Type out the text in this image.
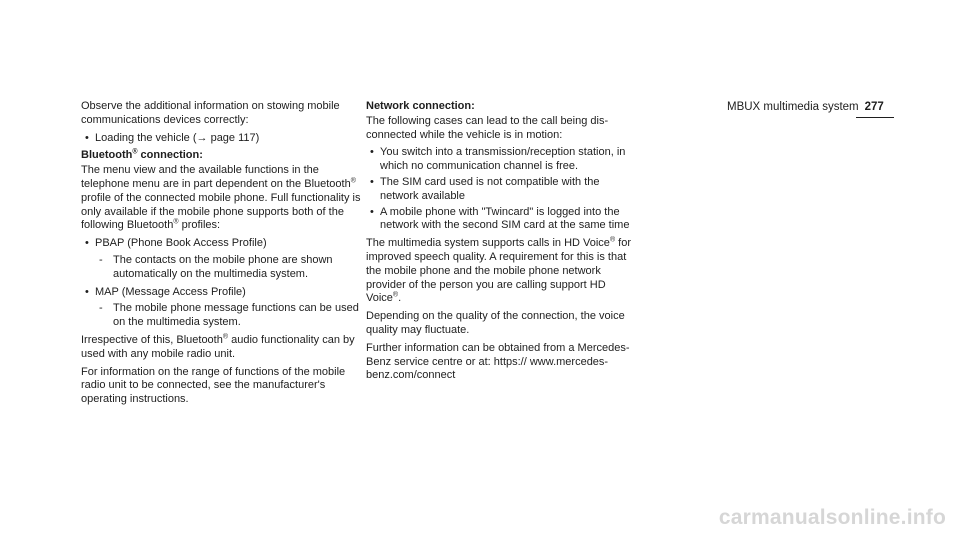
MBUX multimedia system 277

Observe the additional information on stowing mobile communications devices correctly:

• Loading the vehicle (→ page 117)
Bluetooth® connection:

The menu view and the available functions in the telephone menu are in part dependent on the Bluetooth® profile of the connected mobile phone. Full functionality is only available if the mobile phone supports both of the following Bluetooth® profiles:

• PBAP (Phone Book Access Profile)
- The contacts on the mobile phone are shown automatically on the multimedia system.
• MAP (Message Access Profile)
- The mobile phone message functions can be used on the multimedia system.

Irrespective of this, Bluetooth® audio functionality can by used with any mobile radio unit.

For information on the range of functions of the mobile radio unit to be connected, see the manufacturer's operating instructions.

Network connection:

The following cases can lead to the call being disconnected while the vehicle is in motion:

• You switch into a transmission/reception station, in which no communication channel is free.
• The SIM card used is not compatible with the network available
• A mobile phone with "Twincard" is logged into the network with the second SIM card at the same time

The multimedia system supports calls in HD Voice® for improved speech quality. A requirement for this is that the mobile phone and the mobile phone network provider of the person you are calling support HD Voice®.

Depending on the quality of the connection, the voice quality may fluctuate.

Further information can be obtained from a Mercedes-Benz service centre or at: https:// www.mercedes-benz.com/connect

carmanualsonline.info
